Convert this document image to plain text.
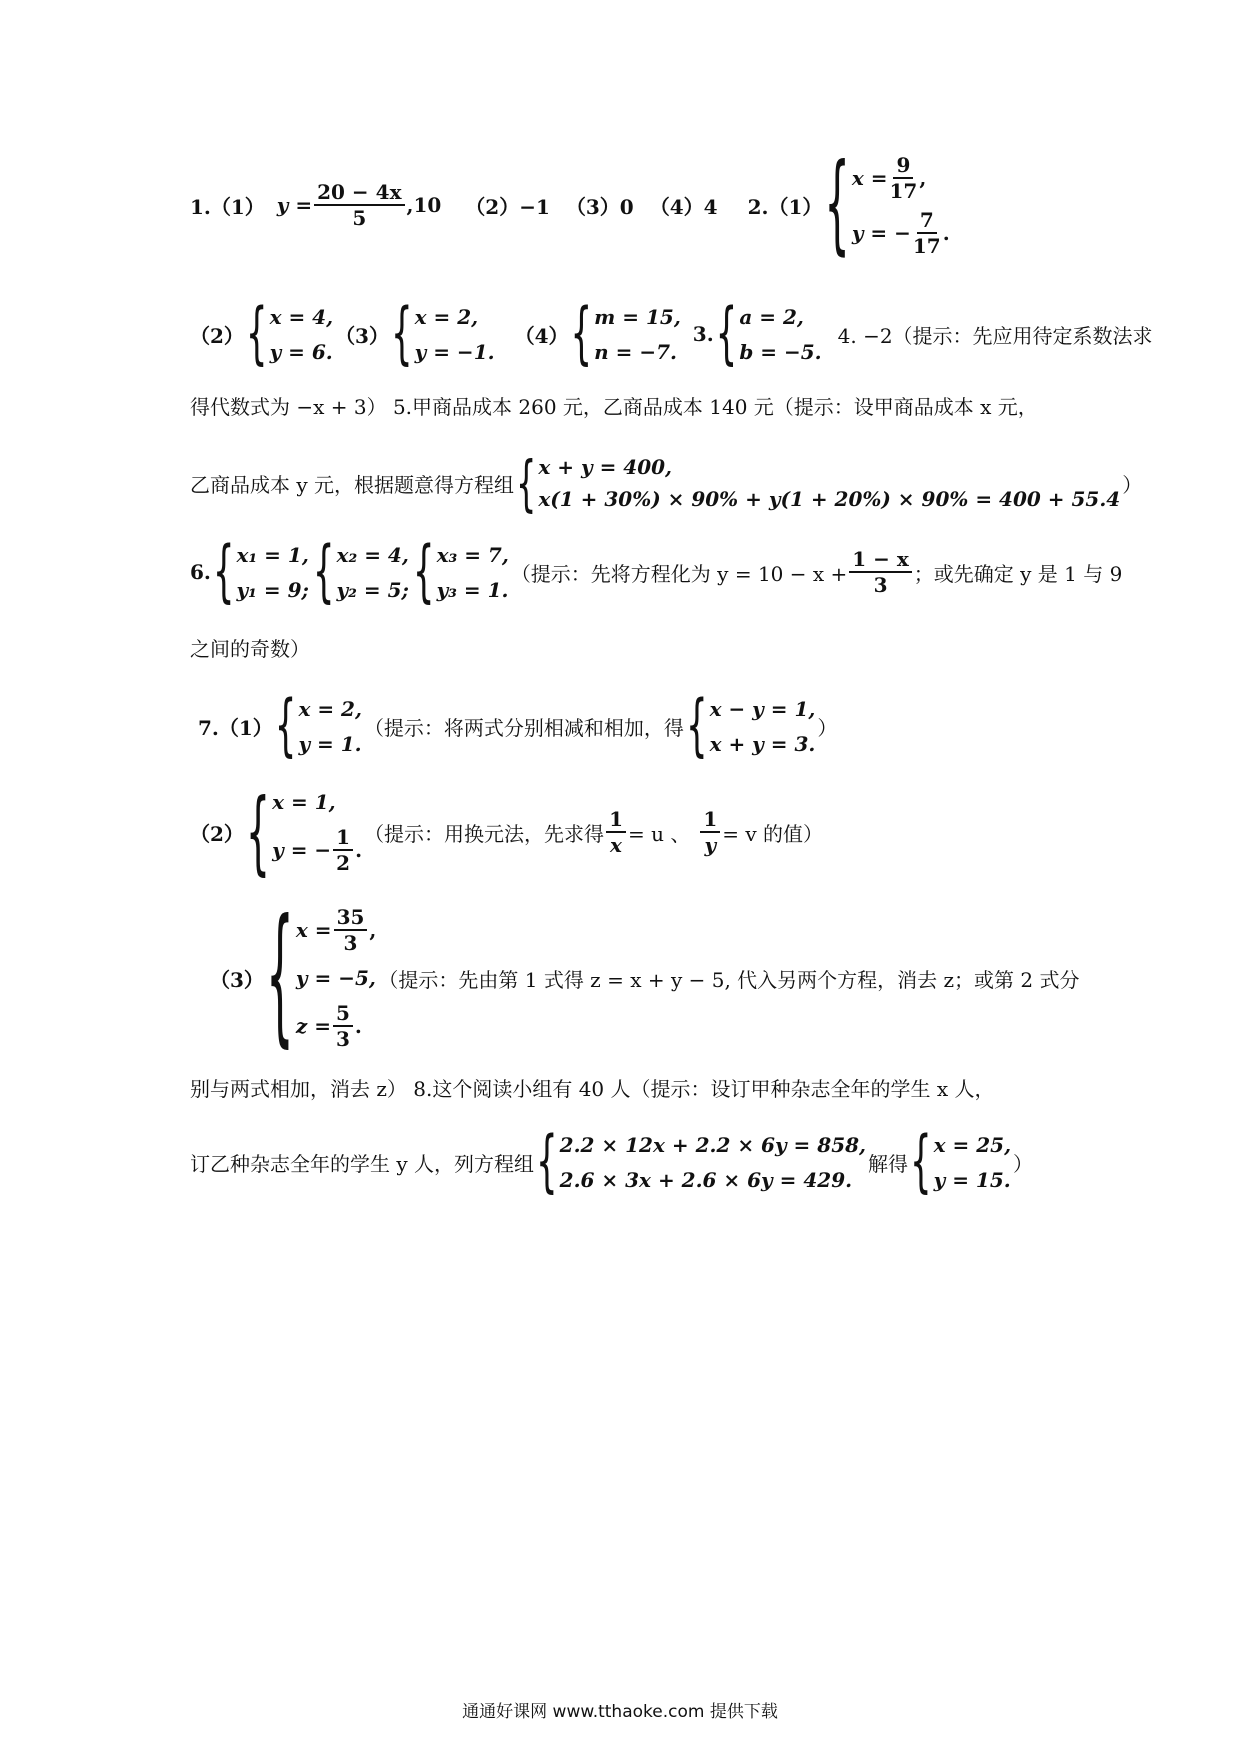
1.（1） $y = \frac{20 - 4x}{5} ,10$ （2）−1 （3）0 （4）4 2.（1） { $x = \frac{9}{17}$ ,
y = − $\frac{7}{17}$ .
（2） { x = 4,
y = 6.
（3） { x = 2,
y = −1.
（4） { m = 15,
n = −7.
3. { a = 2,
b = −5.
4. −2（提示：先应用待定系数法求
得代数式为 −x + 3） 5.甲商品成本 260 元，乙商品成本 140 元（提示：设甲商品成本 x 元，
乙商品成本 y 元，根据题意得方程组 { x + y = 400,
x(1 + 30%) × 90% + y(1 + 20%) × 90% = 400 + 55.4
）
6. { x₁ = 1,
y₁ = 9; { x₂ = 4,
y₂ = 5; { x₃ = 7,
y₃ = 1.
（提示：先将方程化为 $y = 10 - x + \frac{1 - x}{3}$ ；或先确定 y 是 1 与 9
之间的奇数）
7.（1） { x = 2,
y = 1.
（提示：将两式分别相减和相加，得 { x − y = 1,
x + y = 3.
）
（2） { x = 1,
y = − $\frac{1}{2}$ .
（提示：用换元法，先求得 $\frac{1}{x} = u$ 、 $\frac{1}{y} = v$ 的值）
（3） { $x = \frac{35}{3}$ ,
y = −5,
$z = \frac{5}{3}$ .
（提示：先由第 1 式得 z = x + y − 5, 代入另两个方程，消去 z；或第 2 式分
别与两式相加，消去 z） 8.这个阅读小组有 40 人（提示：设订甲种杂志全年的学生 x 人，
订乙种杂志全年的学生 y 人，列方程组 { 2.2 × 12x + 2.2 × 6y = 858,
2.6 × 3x + 2.6 × 6y = 429.
解得 { x = 25,
y = 15.
）
通通好课网 www.tthaoke.com 提供下载
